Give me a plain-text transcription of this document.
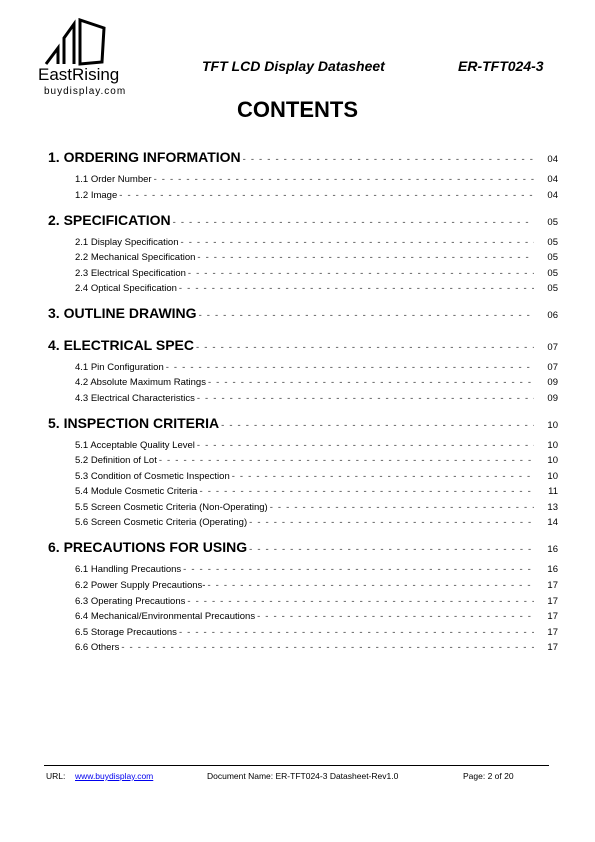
EastRising
buydisplay.com
TFT LCD Display Datasheet	ER-TFT024-3
CONTENTS
1. ORDERING INFORMATION - - -	04
1.1 Order Number - - -	04
1.2 Image - - -	04
2. SPECIFICATION - - -	05
2.1 Display Specification - - -	05
2.2 Mechanical Specification - - -	05
2.3 Electrical Specification - - -	05
2.4 Optical Specification - - -	05
3. OUTLINE DRAWING - - -	06
4. ELECTRICAL SPEC - - -	07
4.1 Pin Configuration - - -	07
4.2 Absolute Maximum Ratings - - -	09
4.3 Electrical Characteristics - - -	09
5. INSPECTION CRITERIA - - -	10
5.1 Acceptable Quality Level - - -	10
5.2 Definition of Lot - - -	10
5.3 Condition of Cosmetic Inspection - - -	10
5.4 Module Cosmetic Criteria - - -	11
5.5 Screen Cosmetic Criteria (Non-Operating) - - -	13
5.6 Screen Cosmetic Criteria (Operating) - - -	14
6. PRECAUTIONS FOR USING - - -	16
6.1 Handling Precautions - - -	16
6.2 Power Supply Precautions- - - -	17
6.3 Operating Precautions - - -	17
6.4 Mechanical/Environmental Precautions - - -	17
6.5 Storage Precautions - - -	17
6.6 Others - - -	17
URL: www.buydisplay.com	Document Name: ER-TFT024-3 Datasheet-Rev1.0	Page: 2 of 20
